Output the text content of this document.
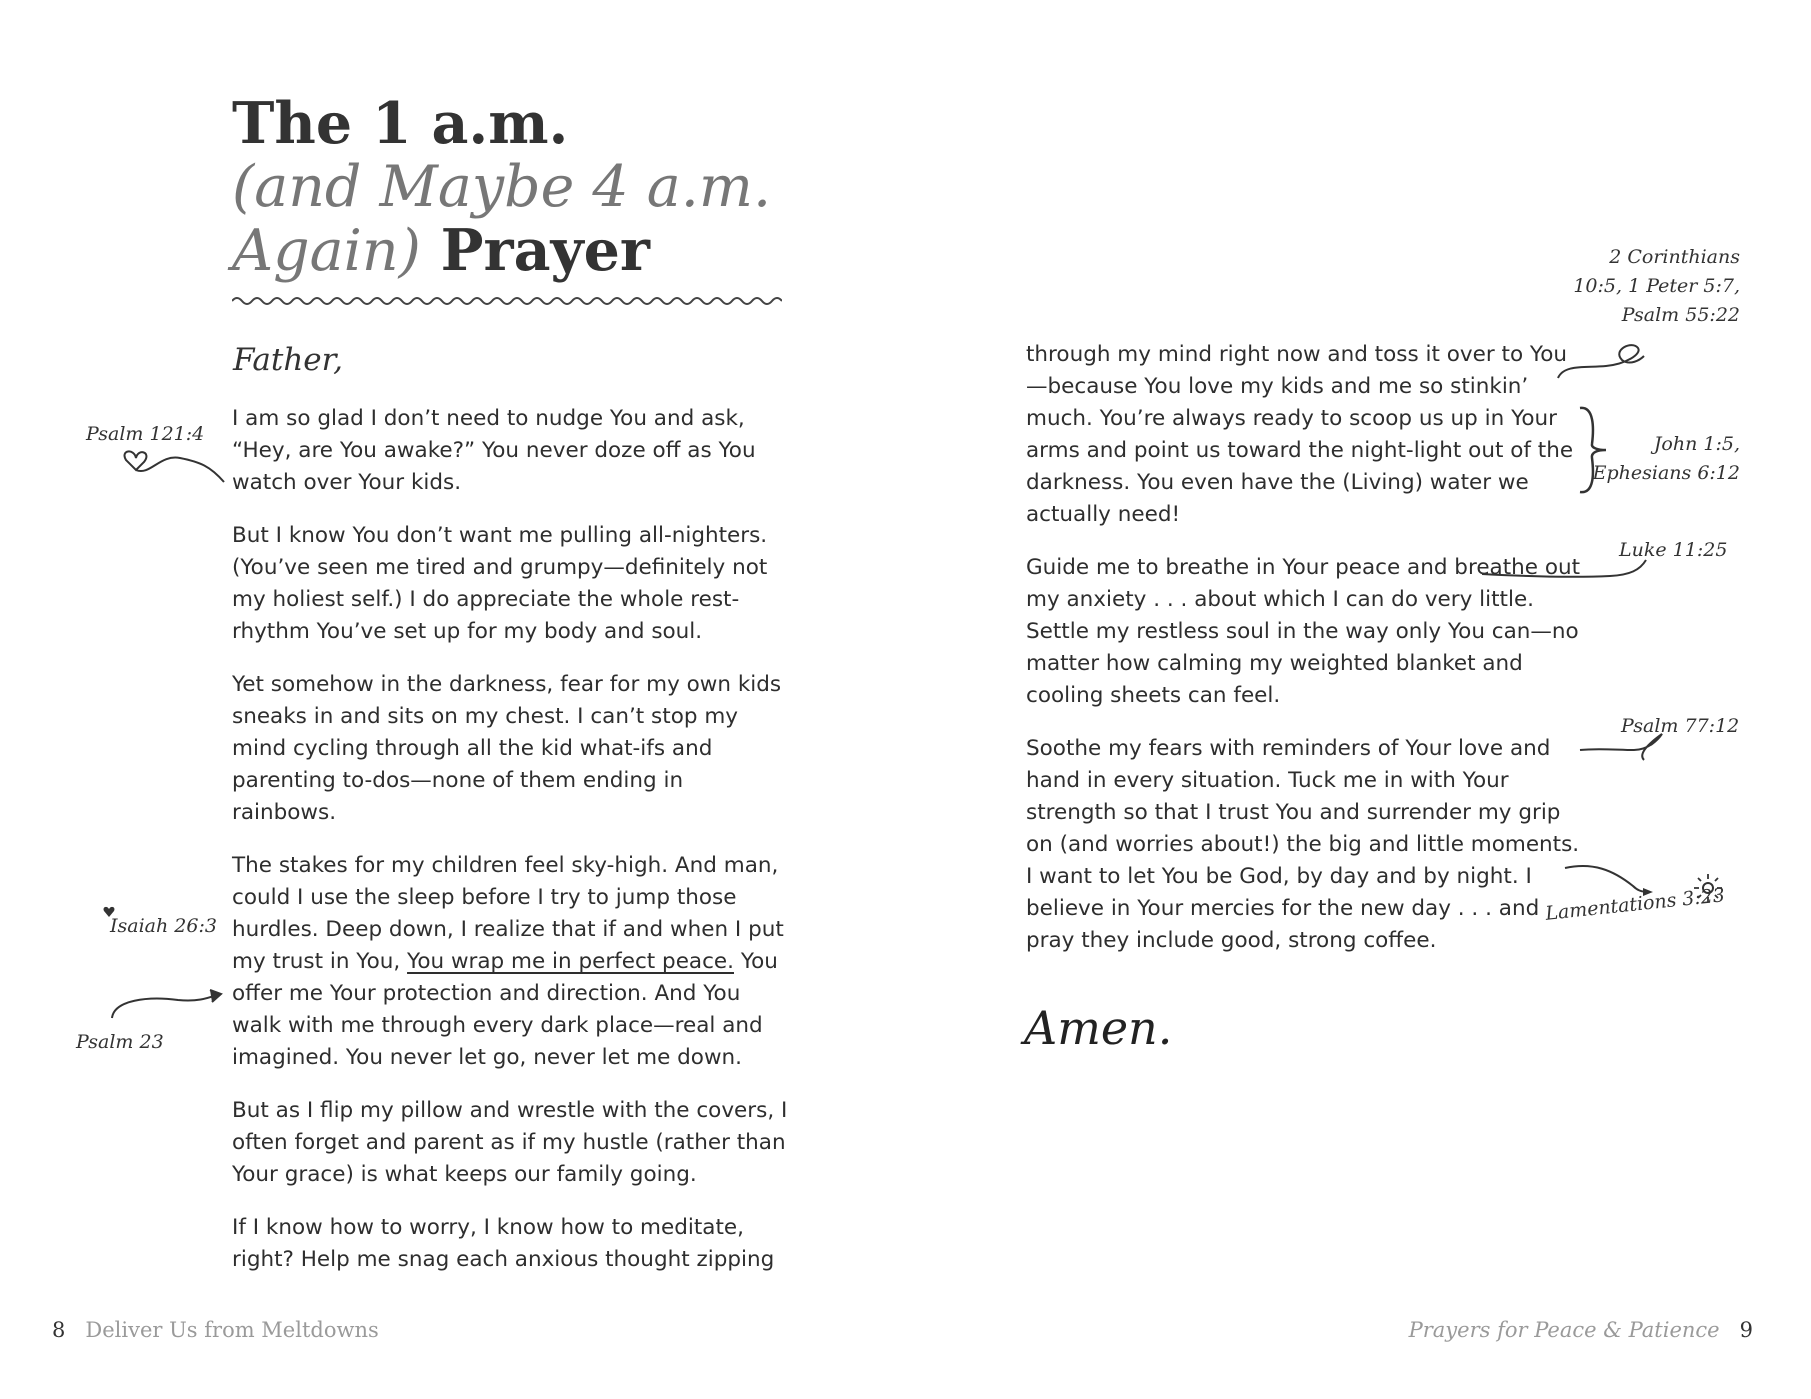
The 1 a.m.
(and Maybe 4 a.m.
Again) Prayer
Father,

I am so glad I don’t need to nudge You and ask, “Hey, are You awake?” You never doze off as You watch over Your kids.

But I know You don’t want me pulling all-nighters. (You’ve seen me tired and grumpy—definitely not my holiest self.) I do appreciate the whole rest-rhythm You’ve set up for my body and soul.

Yet somehow in the darkness, fear for my own kids sneaks in and sits on my chest. I can’t stop my mind cycling through all the kid what-ifs and parenting to-dos—none of them ending in rainbows.

The stakes for my children feel sky-high. And man, could I use the sleep before I try to jump those hurdles. Deep down, I realize that if and when I put my trust in You, You wrap me in perfect peace. You offer me Your protection and direction. And You walk with me through every dark place—real and imagined. You never let go, never let me down.

But as I flip my pillow and wrestle with the covers, I often forget and parent as if my hustle (rather than Your grace) is what keeps our family going.

If I know how to worry, I know how to meditate, right? Help me snag each anxious thought zipping

through my mind right now and toss it over to You—because You love my kids and me so stinkin’ much. You’re always ready to scoop us up in Your arms and point us toward the night-light out of the darkness. You even have the (Living) water we actually need!

Guide me to breathe in Your peace and breathe out my anxiety . . . about which I can do very little. Settle my restless soul in the way only You can—no matter how calming my weighted blanket and cooling sheets can feel.

Soothe my fears with reminders of Your love and hand in every situation. Tuck me in with Your strength so that I trust You and surrender my grip on (and worries about!) the big and little moments. I want to let You be God, by day and by night. I believe in Your mercies for the new day . . . and pray they include good, strong coffee.

Amen.
Psalm 121:4
Isaiah 26:3
Psalm 23
2 Corinthians
10:5, 1 Peter 5:7,
Psalm 55:22
John 1:5,
Ephesians 6:12
Luke 11:25
Psalm 77:12
Lamentations 3:23
8 Deliver Us from Meltdowns	Prayers for Peace & Patience 9
